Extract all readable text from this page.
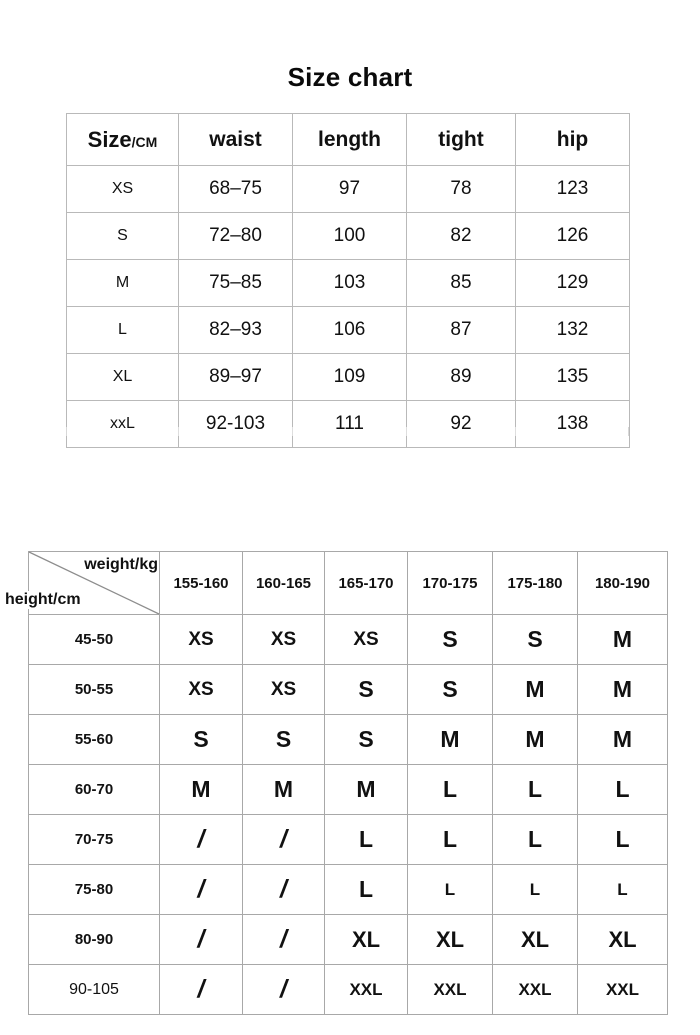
Size chart
Size/CM	waist	length	tight	hip
XS	68–75	97	78	123
S	72–80	100	82	126
M	75–85	103	85	129
L	82–93	106	87	132
XL	89–97	109	89	135
xxL	92-103	111	92	138
weight/kg
height/cm	155-160	160-165	165-170	170-175	175-180	180-190
45-50	XS	XS	XS	S	S	M
50-55	XS	XS	S	S	M	M
55-60	S	S	S	M	M	M
60-70	M	M	M	L	L	L
70-75	/	/	L	L	L	L
75-80	/	/	L	L	L	L
80-90	/	/	XL	XL	XL	XL
90-105	/	/	XXL	XXL	XXL	XXL
